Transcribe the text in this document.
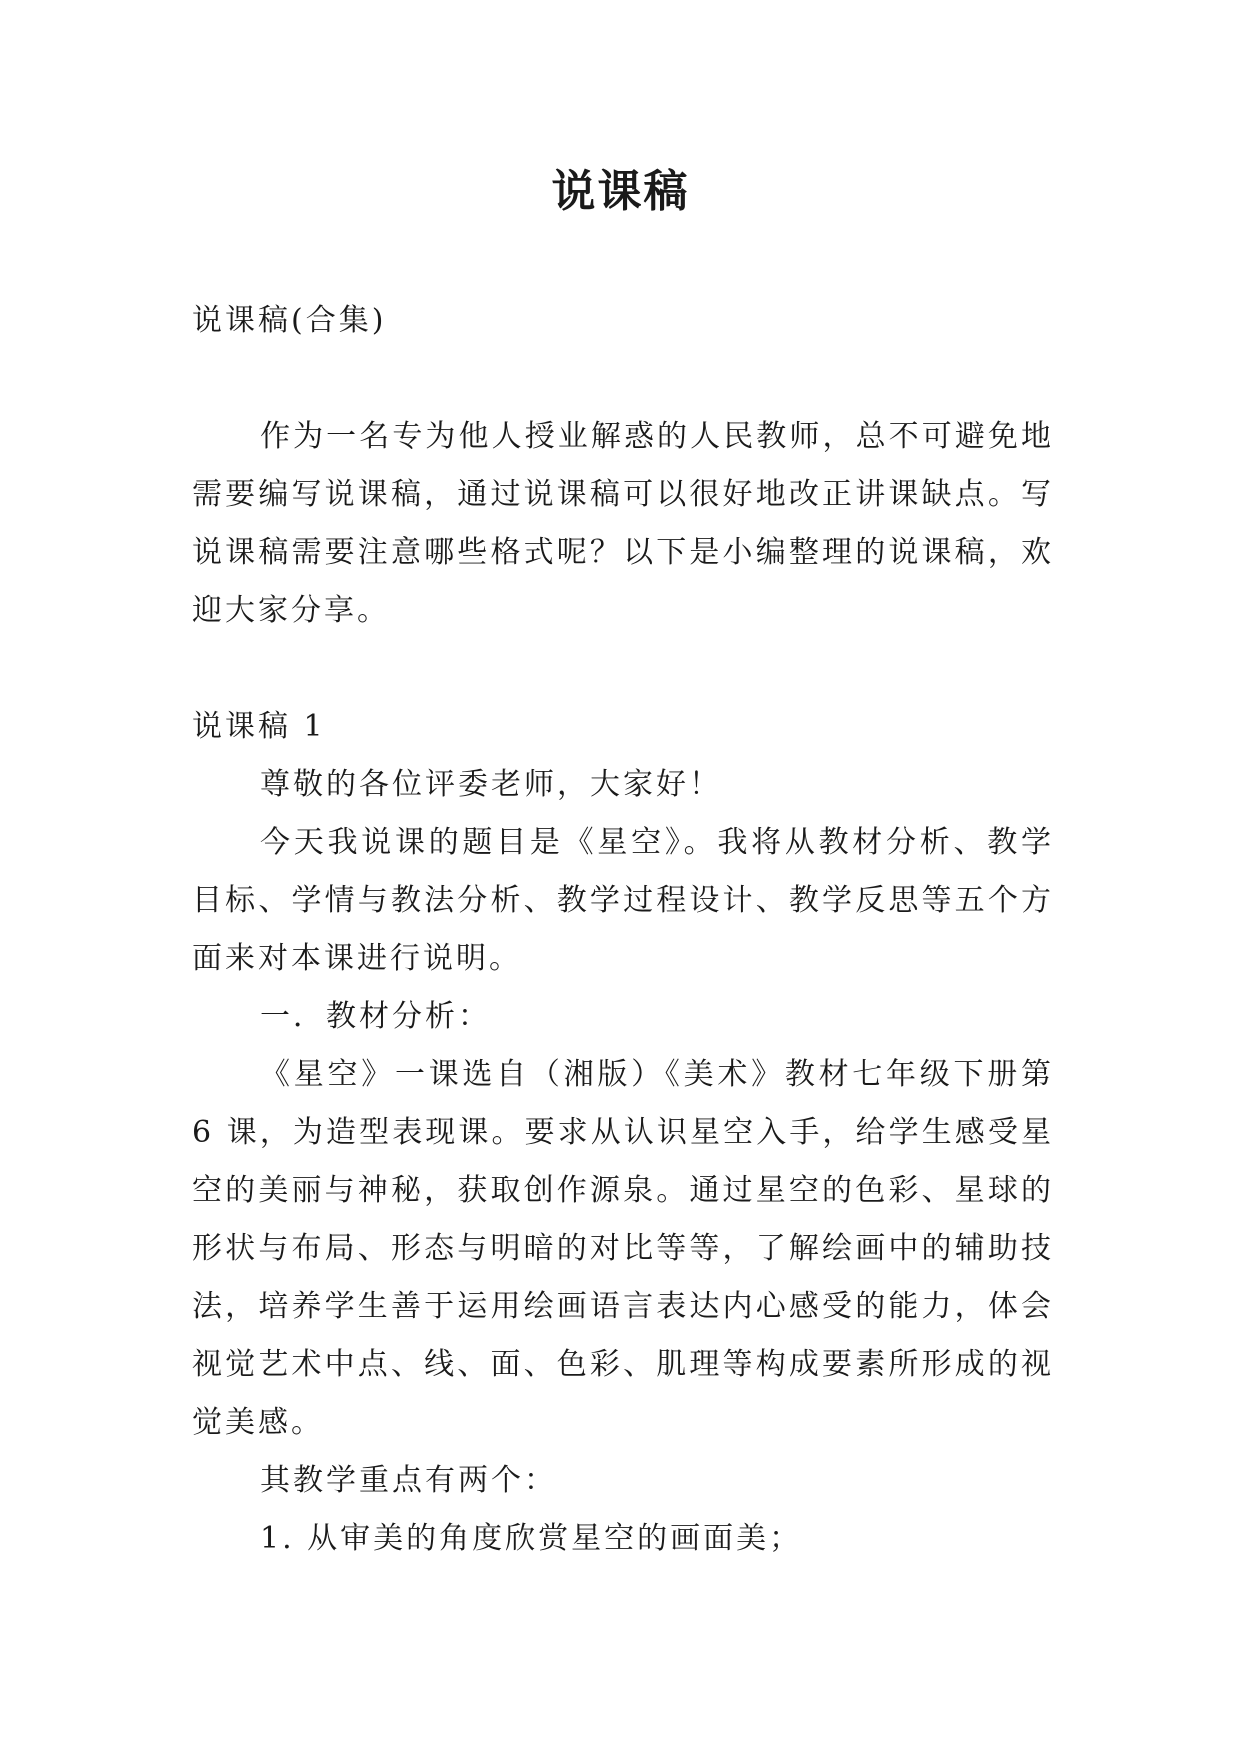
说课稿

说课稿(合集)

作为一名专为他人授业解惑的人民教师，总不可避免地需要编写说课稿，通过说课稿可以很好地改正讲课缺点。写说课稿需要注意哪些格式呢？以下是小编整理的说课稿，欢迎大家分享。

说课稿 1

尊敬的各位评委老师，大家好！

今天我说课的题目是《星空》。我将从教材分析、教学目标、学情与教法分析、教学过程设计、教学反思等五个方面来对本课进行说明。

一．教材分析：

《星空》一课选自（湘版）《美术》教材七年级下册第 6 课，为造型表现课。要求从认识星空入手，给学生感受星空的美丽与神秘，获取创作源泉。通过星空的色彩、星球的形状与布局、形态与明暗的对比等等，了解绘画中的辅助技法，培养学生善于运用绘画语言表达内心感受的能力，体会视觉艺术中点、线、面、色彩、肌理等构成要素所形成的视觉美感。

其教学重点有两个：

1. 从审美的角度欣赏星空的画面美；
